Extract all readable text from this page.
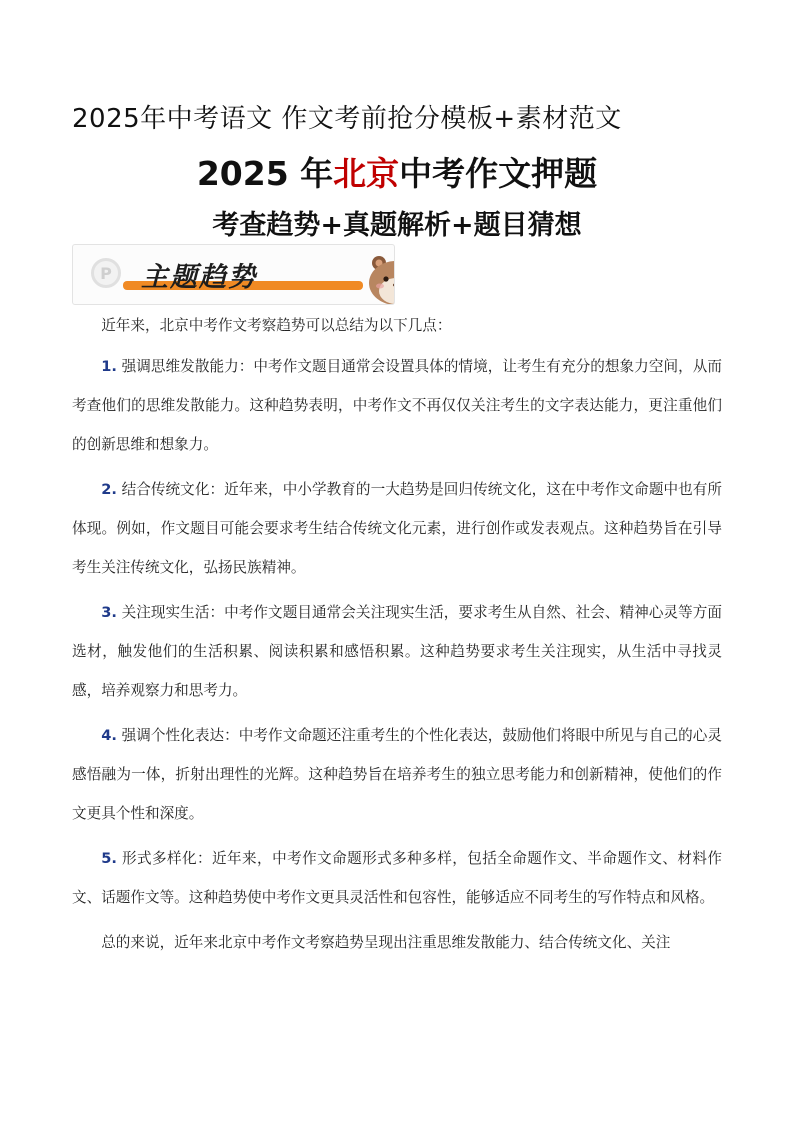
2025年中考语文 作文考前抢分模板+素材范文
2025 年北京中考作文押题
考查趋势+真题解析+题目猜想
P	主题趋势

近年来，北京中考作文考察趋势可以总结为以下几点：

1. 强调思维发散能力：中考作文题目通常会设置具体的情境，让考生有充分的想象力空间，从而考查他们的思维发散能力。这种趋势表明，中考作文不再仅仅关注考生的文字表达能力，更注重他们的创新思维和想象力。

2. 结合传统文化：近年来，中小学教育的一大趋势是回归传统文化，这在中考作文命题中也有所体现。例如，作文题目可能会要求考生结合传统文化元素，进行创作或发表观点。这种趋势旨在引导考生关注传统文化，弘扬民族精神。

3. 关注现实生活：中考作文题目通常会关注现实生活，要求考生从自然、社会、精神心灵等方面选材，触发他们的生活积累、阅读积累和感悟积累。这种趋势要求考生关注现实，从生活中寻找灵感，培养观察力和思考力。

4. 强调个性化表达：中考作文命题还注重考生的个性化表达，鼓励他们将眼中所见与自己的心灵感悟融为一体，折射出理性的光辉。这种趋势旨在培养考生的独立思考能力和创新精神，使他们的作文更具个性和深度。

5. 形式多样化：近年来，中考作文命题形式多种多样，包括全命题作文、半命题作文、材料作文、话题作文等。这种趋势使中考作文更具灵活性和包容性，能够适应不同考生的写作特点和风格。

总的来说，近年来北京中考作文考察趋势呈现出注重思维发散能力、结合传统文化、关注
